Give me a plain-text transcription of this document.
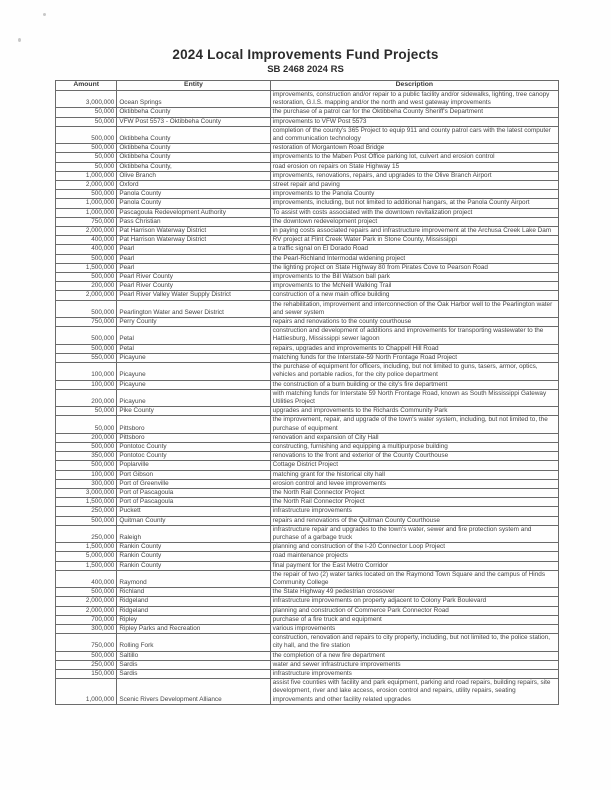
2024 Local Improvements Fund Projects
SB 2468 2024 RS
Amount	Entity	Description
3,000,000	Ocean Springs	improvements, construction and/or repair to a public facility and/or sidewalks, lighting, tree canopy restoration, G.I.S. mapping and/or the north and west gateway improvements
50,000	Oktibbeha County	the purchase of a patrol car for the Oktibbeha County Sheriff's Department
50,000	VFW Post 5573 - Oktibbeha County	improvements to VFW Post 5573
500,000	Oktibbeha County	completion of the county's 365 Project to equip 911 and county patrol cars with the latest computer and communication technology
500,000	Oktibbeha County	restoration of Morgantown Road Bridge
50,000	Oktibbeha County	improvements to the Maben Post Office parking lot, culvert and erosion control
50,000	Oktibbeha County,	road erosion on repairs on State Highway 15
1,000,000	Olive Branch	improvements, renovations, repairs, and upgrades to the Olive Branch Airport
2,000,000	Oxford	street repair and paving
500,000	Panola County	improvements to the Panola County
1,000,000	Panola County	improvements, including, but not limited to additional hangars, at the Panola County Airport
1,000,000	Pascagoula Redevelopment Authority	To assist with costs associated with the downtown revitalization project
750,000	Pass Christian	the downtown redevelopment project
2,000,000	Pat Harrison Waterway District	in paying costs associated repairs and infrastructure improvement at the Archusa Creek Lake Dam
400,000	Pat Harrison Waterway District	RV project at Flint Creek Water Park in Stone County, Mississippi
400,000	Pearl	a traffic signal on El Dorado Road
500,000	Pearl	the Pearl-Richland Intermodal widening project
1,500,000	Pearl	the lighting project on State Highway 80 from Pirates Cove to Pearson Road
500,000	Pearl River County	improvements to the Bill Watson ball park
200,000	Pearl River County	improvements to the McNeill Walking Trail
2,000,000	Pearl River Valley Water Supply District	construction of a new main office building
500,000	Pearlington Water and Sewer District	the rehabilitation, improvement and interconnection of the Oak Harbor well to the Pearlington water and sewer system
750,000	Perry County	repairs and renovations to the county courthouse
500,000	Petal	construction and development of additions and improvements for transporting wastewater to the Hattiesburg, Mississippi sewer lagoon
500,000	Petal	repairs, upgrades and improvements to Chappell Hill Road
550,000	Picayune	matching funds for the Interstate-59 North Frontage Road Project
100,000	Picayune	the purchase of equipment for officers, including, but not limited to guns, tasers, armor, optics, vehicles and portable radios, for the city police department
100,000	Picayune	the construction of a burn building or the city's fire department
200,000	Picayune	with matching funds for Interstate 59 North Frontage Road, known as South Mississippi Gateway Utilities Project
50,000	Pike County	upgrades and improvements to the Richards Community Park
50,000	Pittsboro	the improvement, repair, and upgrade of the town's water system, including, but not limited to, the purchase of equipment
200,000	Pittsboro	renovation and expansion of City Hall
500,000	Pontotoc County	constructing, furnishing and equipping a multipurpose building
350,000	Pontotoc County	renovations to the front and exterior of the County Courthouse
500,000	Poplarville	Cottage District Project
100,000	Port Gibson	matching grant for the historical city hall
300,000	Port of Greenville	erosion control and levee improvements
3,000,000	Port of Pascagoula	the North Rail Connector Project
1,500,000	Port of Pascagoula	the North Rail Connector Project
250,000	Puckett	infrastructure improvements
500,000	Quitman County	repairs and renovations of the Quitman County Courthouse
250,000	Raleigh	infrastructure repair and upgrades to the town's water, sewer and fire protection system and purchase of a garbage truck
1,500,000	Rankin County	planning and construction of the I-20 Connector Loop Project
5,000,000	Rankin County	road maintenance projects
1,500,000	Rankin County	final payment for the East Metro Corridor
400,000	Raymond	the repair of two (2) water tanks located on the Raymond Town Square and the campus of Hinds Community College
500,000	Richland	the State Highway 49 pedestrian crossover
2,000,000	Ridgeland	infrastructure improvements on property adjacent to Colony Park Boulevard
2,000,000	Ridgeland	planning and construction of Commerce Park Connector Road
700,000	Ripley	purchase of a fire truck and equipment
300,000	Ripley Parks and Recreation	various improvements
750,000	Rolling Fork	construction, renovation and repairs to city property, including, but not limited to, the police station, city hall, and the fire station
500,000	Saltillo	the completion of a new fire department
250,000	Sardis	water and sewer infrastructure improvements
150,000	Sardis	infrastructure improvements
1,000,000	Scenic Rivers Development Alliance	assist five counties with facility and park equipment, parking and road repairs, building repairs, site development, river and lake access, erosion control and repairs, utility repairs, seating improvements and other facility related upgrades
